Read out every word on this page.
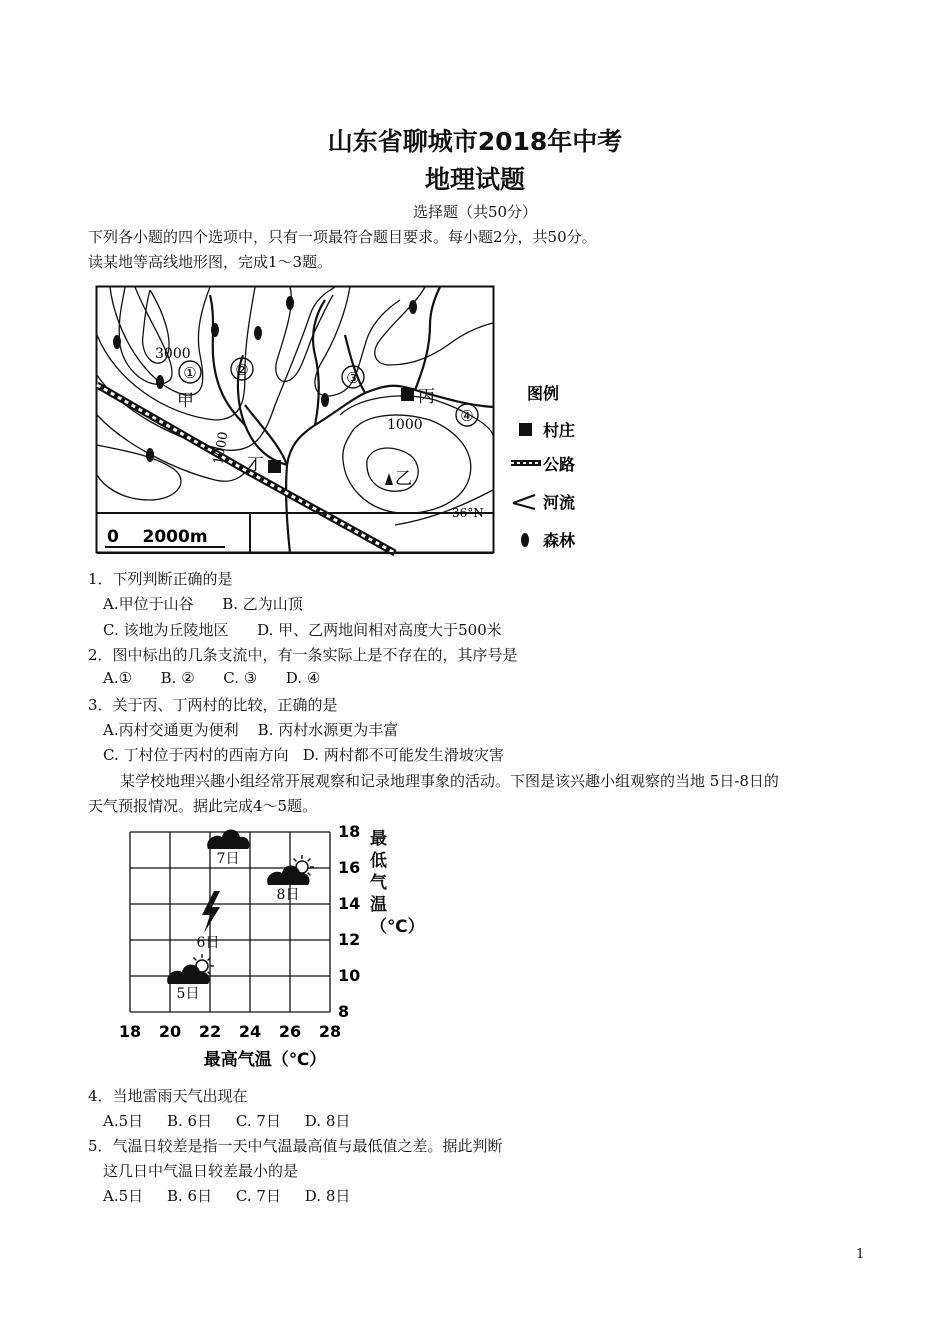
山东省聊城市2018年中考
地理试题
选择题（共50分）
下列各小题的四个选项中，只有一项最符合题目要求。每小题2分，共50分。
读某地等高线地形图，完成1～3题。
①	②	③
④
3000
1000
1000
甲
乙
丙
丁
36°N
0    2000m
图例
村庄
公路
河流
森林
1．下列判断正确的是
A.甲位于山谷      B. 乙为山顶
C. 该地为丘陵地区      D. 甲、乙两地间相对高度大于500米
2．图中标出的几条支流中，有一条实际上是不存在的，其序号是
A.①      B. ②      C. ③      D. ④
3．关于丙、丁两村的比较，正确的是
A.丙村交通更为便利    B. 丙村水源更为丰富
C. 丁村位于丙村的西南方向   D. 两村都不可能发生滑坡灾害
某学校地理兴趣小组经常开展观察和记录地理事象的活动。下图是该兴趣小组观察的当地 5日-8日的
天气预报情况。据此完成4～5题。
18 20 22 24 26 28
8
10
12
14
16
18
5日
6日
7日
8日
最高气温（℃）
最低气温（℃）
4．当地雷雨天气出现在
A.5日     B. 6日     C. 7日     D. 8日
5．气温日较差是指一天中气温最高值与最低值之差。据此判断
这几日中气温日较差最小的是
A.5日     B. 6日     C. 7日     D. 8日
1
